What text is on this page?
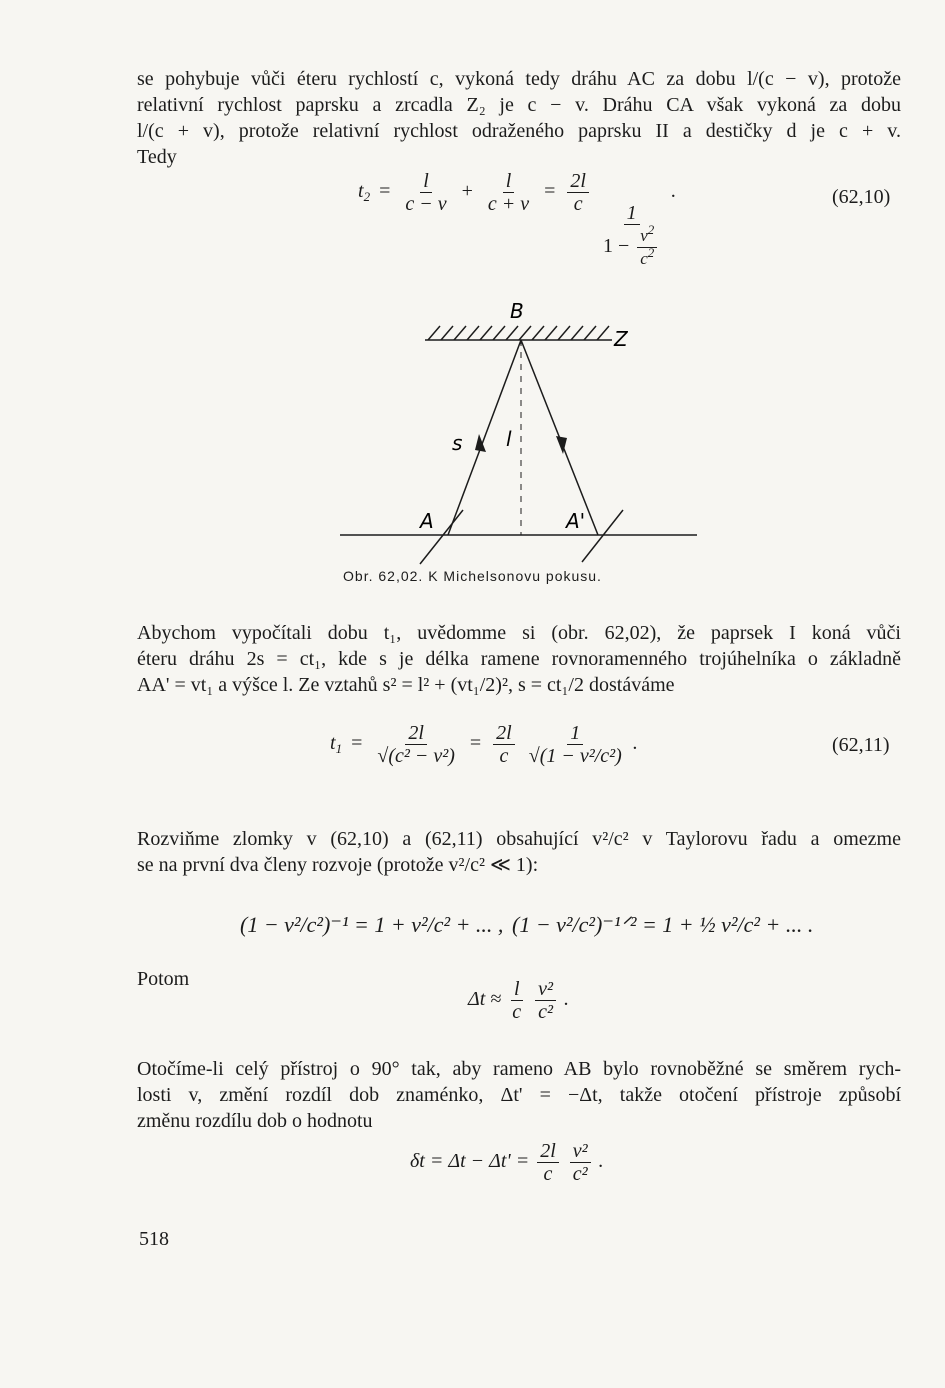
se pohybuje vůči éteru rychlostí c, vykoná tedy dráhu AC za dobu l/(c − v), protože
relativní rychlost paprsku a zrcadla Z₂ je c − v. Dráhu CA však vykoná za dobu
l/(c + v), protože relativní rychlost odraženého paprsku II a destičky d je c + v.
Tedy
$t_2 = \frac{l}{c - v} + \frac{l}{c + v} = \frac{2l}{c}$

$\frac{1}{1 - \frac{v^2}{c^2}}$
.	(62,10)
B
Z
s l
A	A'
Obr. 62,02. K Michelsonovu pokusu.
Abychom vypočítali dobu t₁, uvědomme si (obr. 62,02), že paprsek I koná vůči
éteru dráhu 2s = ct₁, kde s je délka ramene rovnoramenného trojúhelníka o základně
AA' = vt₁ a výšce l. Ze vztahů s² = l² + (vt₁/2)², s = ct₁/2 dostáváme
$t_1 = \frac{2l}{\text{√(c² − v²)}} = \frac{2l}{c}$
$\frac{1}{\text{√(1 − v²/c²)}}$ .	(62,11)
Rozviňme zlomky v (62,10) a (62,11) obsahující v²/c² v Taylorovu řadu a omezme
se na první dva členy rozvoje (protože v²/c² ≪ 1):
(1 − v²/c²)⁻¹ = 1 + v²/c² + ... , (1 − v²/c²)⁻¹ᐟ² = 1 + ½ v²/c² + ... .
Potom
$\Delta t \approx \frac{l}{c}$
$\frac{\text{v²}}{\text{c²}}$ .
Otočíme-li celý přístroj o 90° tak, aby rameno AB bylo rovnoběžné se směrem rych-
losti v, změní rozdíl dob znaménko, Δt' = −Δt, takže otočení přístroje způsobí
změnu rozdílu dob o hodnotu
$\delta t = \Delta t - \Delta t' = \frac{2l}{c}$
$\frac{\text{v²}}{\text{c²}}$ .
518
